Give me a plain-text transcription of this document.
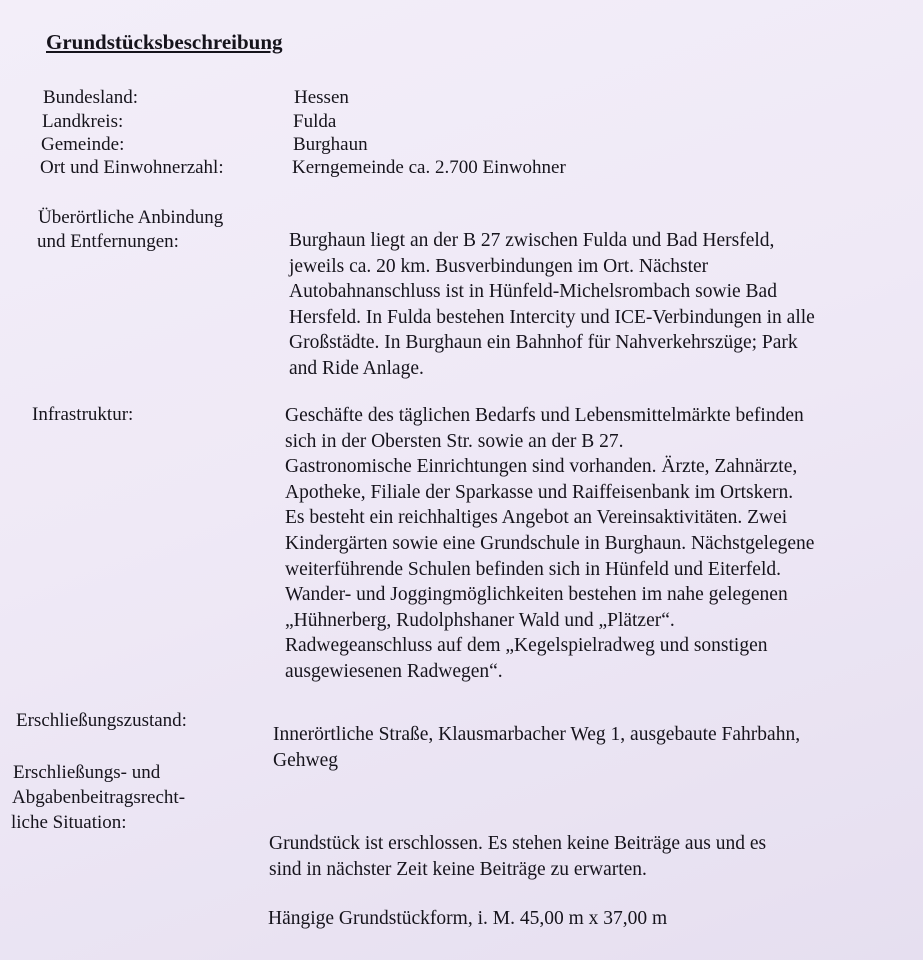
Grundstücksbeschreibung
Bundesland:	Hessen
Landkreis:	Fulda
Gemeinde:	Burghaun
Ort und Einwohnerzahl:	Kerngemeinde ca. 2.700 Einwohner
Überörtliche Anbindung
und Entfernungen:	Burghaun liegt an der B 27 zwischen Fulda und Bad Hersfeld,
jeweils ca. 20 km. Busverbindungen im Ort. Nächster
Autobahnanschluss ist in Hünfeld-Michelsrombach sowie Bad
Hersfeld. In Fulda bestehen Intercity und ICE-Verbindungen in alle
Großstädte. In Burghaun ein Bahnhof für Nahverkehrszüge; Park
and Ride Anlage.
Infrastruktur:	Geschäfte des täglichen Bedarfs und Lebensmittelmärkte befinden
sich in der Obersten Str. sowie an der B 27.
Gastronomische Einrichtungen sind vorhanden. Ärzte, Zahnärzte,
Apotheke, Filiale der Sparkasse und Raiffeisenbank im Ortskern.
Es besteht ein reichhaltiges Angebot an Vereinsaktivitäten. Zwei
Kindergärten sowie eine Grundschule in Burghaun. Nächstgelegene
weiterführende Schulen befinden sich in Hünfeld und Eiterfeld.
Wander- und Joggingmöglichkeiten bestehen im nahe gelegenen
„Hühnerberg, Rudolphshaner Wald und „Plätzer“.
Radwegeanschluss auf dem „Kegelspielradweg und sonstigen
ausgewiesenen Radwegen“.
Erschließungszustand:
Innerörtliche Straße, Klausmarbacher Weg 1, ausgebaute Fahrbahn,
Gehweg
Erschließungs- und
Abgabenbeitragsrecht-
liche Situation:
Grundstück ist erschlossen. Es stehen keine Beiträge aus und es
sind in nächster Zeit keine Beiträge zu erwarten.
Hängige Grundstückform, i. M. 45,00 m x 37,00 m
